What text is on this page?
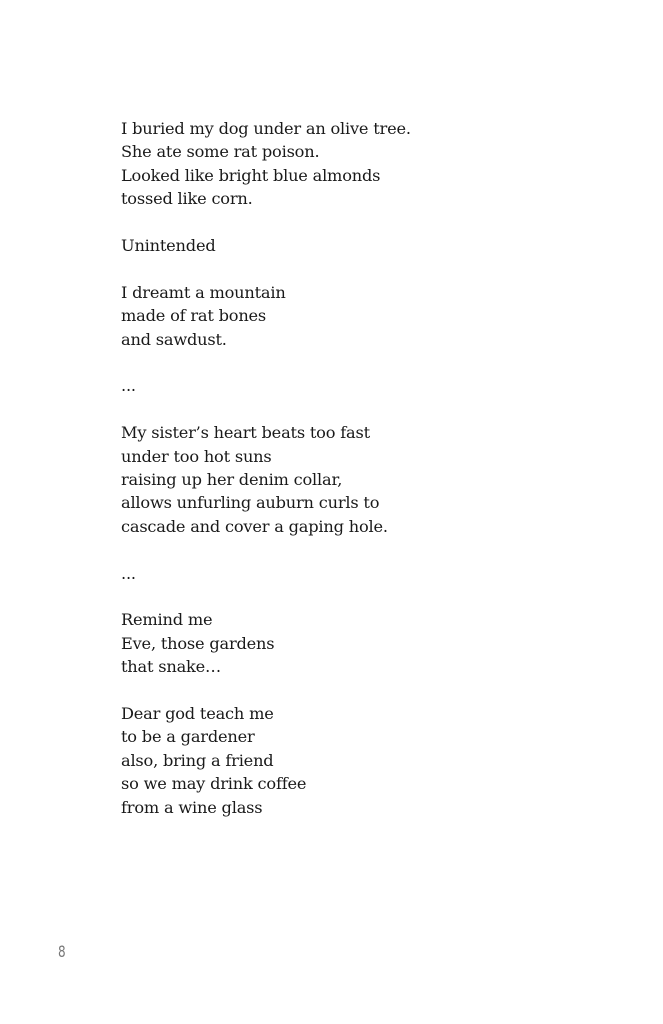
I buried my dog under an olive tree.
She ate some rat poison.
Looked like bright blue almonds
tossed like corn.
Unintended
I dreamt a mountain
made of rat bones
and sawdust.
...
My sister’s heart beats too fast
under too hot suns
raising up her denim collar,
allows unfurling auburn curls to
cascade and cover a gaping hole.
...
Remind me
Eve, those gardens
that snake…
Dear god teach me
to be a gardener
also, bring a friend
so we may drink coffee
from a wine glass
8
